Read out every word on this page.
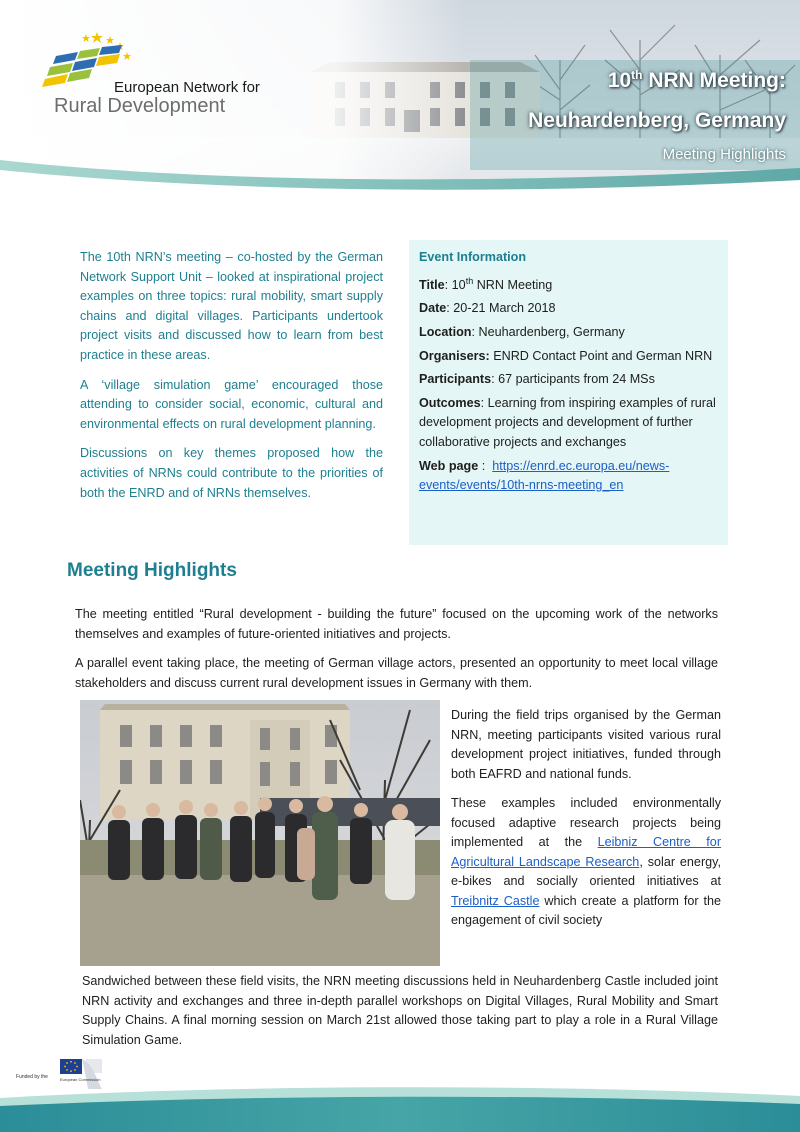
European Network for
Rural Development
10th NRN Meeting:
Neuhardenberg, Germany
Meeting Highlights

The 10th NRN’s meeting – co-hosted by the German Network Support Unit – looked at inspirational project examples on three topics: rural mobility, smart supply chains and digital villages. Participants undertook project visits and discussed how to learn from best practice in these areas.

A ‘village simulation game’ encouraged those attending to consider social, economic, cultural and environmental effects on rural development planning.

Discussions on key themes proposed how the activities of NRNs could contribute to the priorities of both the ENRD and of NRNs themselves.

Event Information
Title: 10th NRN Meeting
Date: 20-21 March 2018
Location: Neuhardenberg, Germany
Organisers: ENRD Contact Point and German NRN
Participants: 67 participants from 24 MSs
Outcomes: Learning from inspiring examples of rural development projects and development of further collaborative projects and exchanges
Web page :  https://enrd.ec.europa.eu/news-events/events/10th-nrns-meeting_en
Meeting Highlights

The meeting entitled “Rural development - building the future” focused on the upcoming work of the networks themselves and examples of future-oriented initiatives and projects.

A parallel event taking place, the meeting of German village actors, presented an opportunity to meet local village stakeholders and discuss current rural development issues in Germany with them.

During the field trips organised by the German NRN, meeting participants visited various rural development project initiatives, funded through both EAFRD and national funds.

These examples included environmentally focused adaptive research projects being implemented at the Leibniz Centre for Agricultural Landscape Research, solar energy, e-bikes and socially oriented initiatives at Treibnitz Castle which create a platform for the engagement of civil society

Sandwiched between these field visits, the NRN meeting discussions held in Neuhardenberg Castle included joint NRN activity and exchanges and three in-depth parallel workshops on Digital Villages, Rural Mobility and Smart Supply Chains. A final morning session on March 21st allowed those taking part to play a role in a Rural Village Simulation Game.

Funded by the	European Commission
